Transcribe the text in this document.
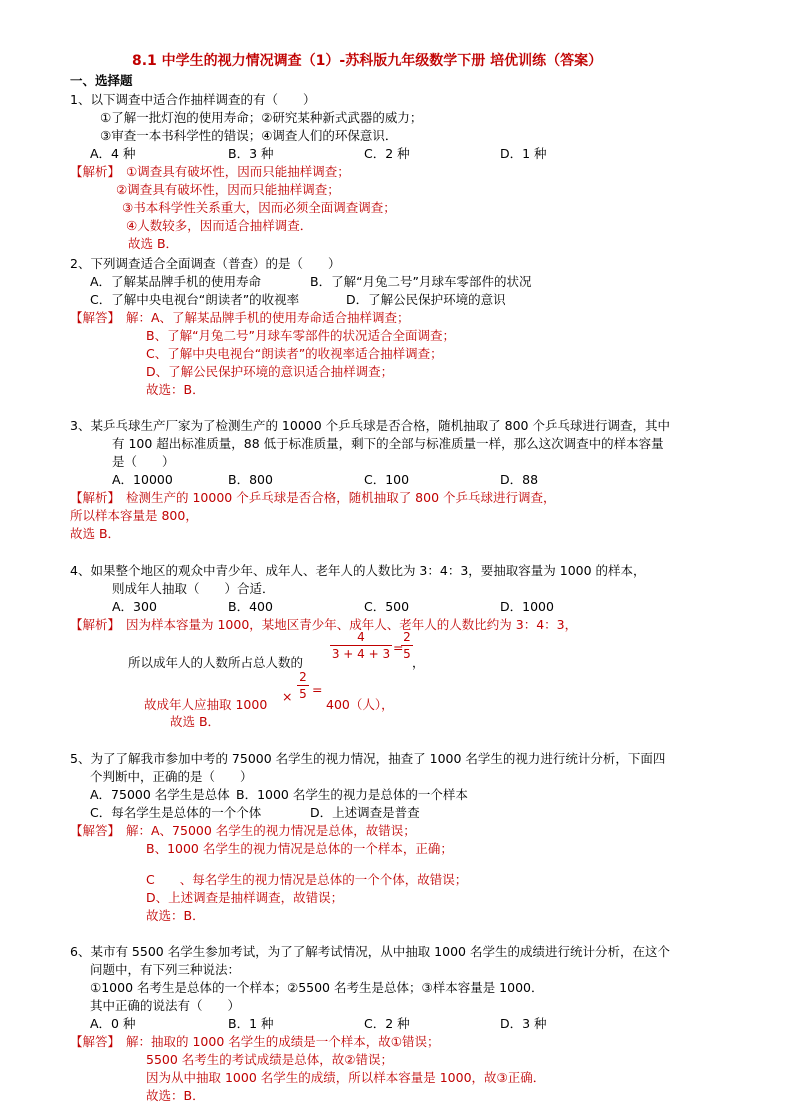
8.1 中学生的视力情况调查（1）-苏科版九年级数学下册 培优训练（答案）
一、选择题
1、以下调查中适合作抽样调查的有（　　）
①了解一批灯泡的使用寿命；②研究某种新式武器的威力；
③审查一本书科学性的错误；④调查人们的环保意识．
A．4 种	B．3 种	C．2 种	D．1 种
【解析】 ①调查具有破坏性，因而只能抽样调查；
②调查具有破坏性，因而只能抽样调查；
③书本科学性关系重大，因而必须全面调查调查；
④人数较多，因而适合抽样调查．
故选 B．
2、下列调查适合全面调查（普查）的是（　　）
A．了解某品牌手机的使用寿命	B．了解“月兔二号”月球车零部件的状况
C．了解中央电视台“朗读者”的收视率	D．了解公民保护环境的意识
【解答】 解：A、了解某品牌手机的使用寿命适合抽样调查；
B、了解“月兔二号”月球车零部件的状况适合全面调查；
C、了解中央电视台“朗读者”的收视率适合抽样调查；
D、了解公民保护环境的意识适合抽样调查；
故选：B．
3、某乒乓球生产厂家为了检测生产的 10000 个乒乓球是否合格，随机抽取了 800 个乒乓球进行调查，其中
有 100 超出标准质量，88 低于标准质量，剩下的全部与标准质量一样，那么这次调查中的样本容量
是（　　）
A．10000	B．800	C．100	D．88
【解析】 检测生产的 10000 个乒乓球是否合格，随机抽取了 800 个乒乓球进行调查，
所以样本容量是 800，
故选 B．
4、如果整个地区的观众中青少年、成年人、老年人的人数比为 3：4：3，要抽取容量为 1000 的样本，
则成年人抽取（　　）合适．
A．300	B．400	C．500	D．1000
【解析】 因为样本容量为 1000，某地区青少年、成年人、老年人的人数比约为 3：4：3，
所以成年人的人数所占总人数的
4
3 + 4 + 3 =
2
5
，
故成年人应抽取 1000
×
2
5 =
400（人），
故选 B．
5、为了了解我市参加中考的 75000 名学生的视力情况，抽查了 1000 名学生的视力进行统计分析，下面四
个判断中，正确的是（　　）
A．75000 名学生是总体 B．1000 名学生的视力是总体的一个样本
C．每名学生是总体的一个个体	D．上述调查是普查
【解答】 解：A、75000 名学生的视力情况是总体，故错误；
B、1000 名学生的视力情况是总体的一个样本，正确；
C　　、每名学生的视力情况是总体的一个个体，故错误；
D、上述调查是抽样调查，故错误；
故选：B．
6、某市有 5500 名学生参加考试，为了了解考试情况，从中抽取 1000 名学生的成绩进行统计分析，在这个
问题中，有下列三种说法：
①1000 名考生是总体的一个样本；②5500 名考生是总体；③样本容量是 1000．
其中正确的说法有（　　）
A．0 种	B．1 种	C．2 种	D．3 种
【解答】 解：抽取的 1000 名学生的成绩是一个样本，故①错误；
5500 名考生的考试成绩是总体，故②错误；
因为从中抽取 1000 名学生的成绩，所以样本容量是 1000，故③正确．
故选：B．
